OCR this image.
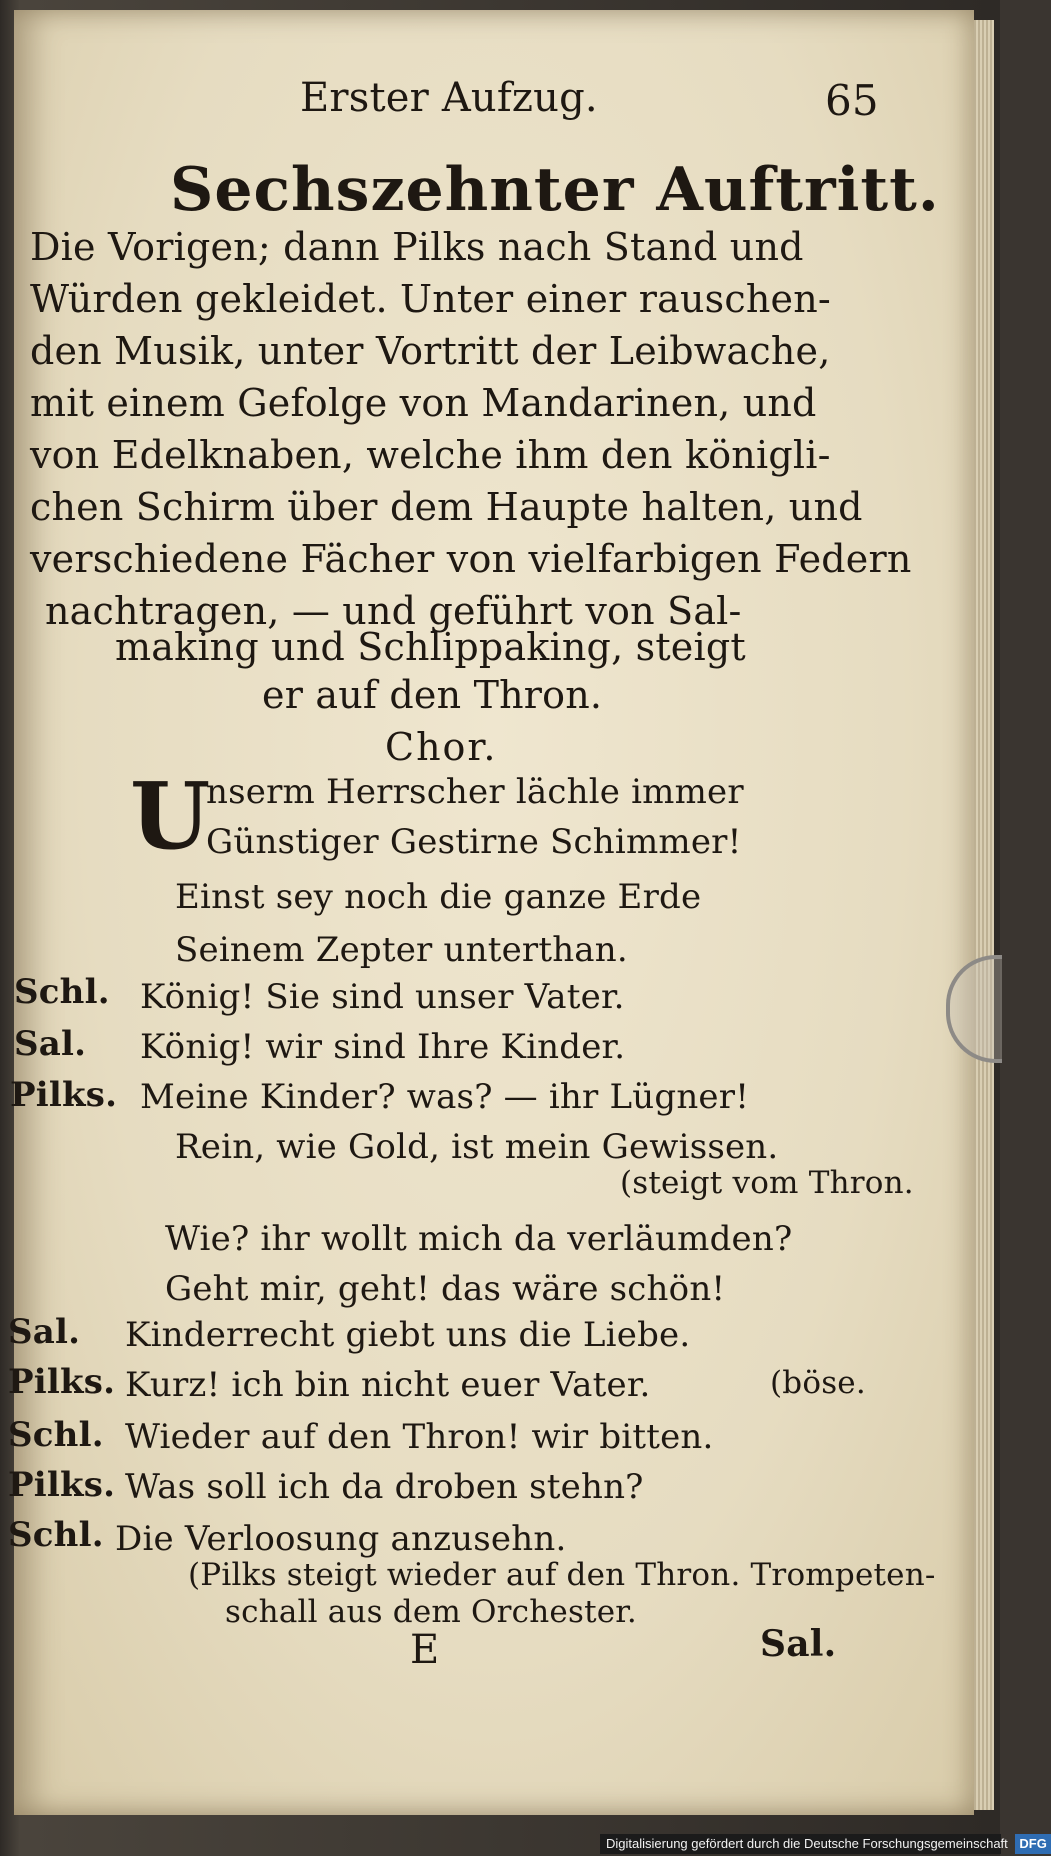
Erster Aufzug.	65
Sechszehnter Auftritt.
Die Vorigen; dann Pilks nach Stand und
Würden gekleidet. Unter einer rauschen-
den Musik, unter Vortritt der Leibwache,
mit einem Gefolge von Mandarinen, und
von Edelknaben, welche ihm den königli-
chen Schirm über dem Haupte halten, und
verschiedene Fächer von vielfarbigen Federn
nachtragen, — und geführt von Sal-
making und Schlippaking, steigt
er auf den Thron.
Chor.
U
nserm Herrscher lächle immer
Günstiger Gestirne Schimmer!
Einst sey noch die ganze Erde
Seinem Zepter unterthan.
Schl. König! Sie sind unser Vater.
Sal. König! wir sind Ihre Kinder.
Pilks. Meine Kinder? was? — ihr Lügner!
Rein, wie Gold, ist mein Gewissen.
(steigt vom Thron.
Wie? ihr wollt mich da verläumden?
Geht mir, geht! das wäre schön!
Sal. Kinderrecht giebt uns die Liebe.
Pilks. Kurz! ich bin nicht euer Vater.	(böse.
Schl. Wieder auf den Thron! wir bitten.
Pilks. Was soll ich da droben stehn?
Schl. Die Verloosung anzusehn.
(Pilks steigt wieder auf den Thron. Trompeten-
schall aus dem Orchester.
E	Sal.
Digitalisierung gefördert durch die Deutsche Forschungsgemeinschaft DFG
